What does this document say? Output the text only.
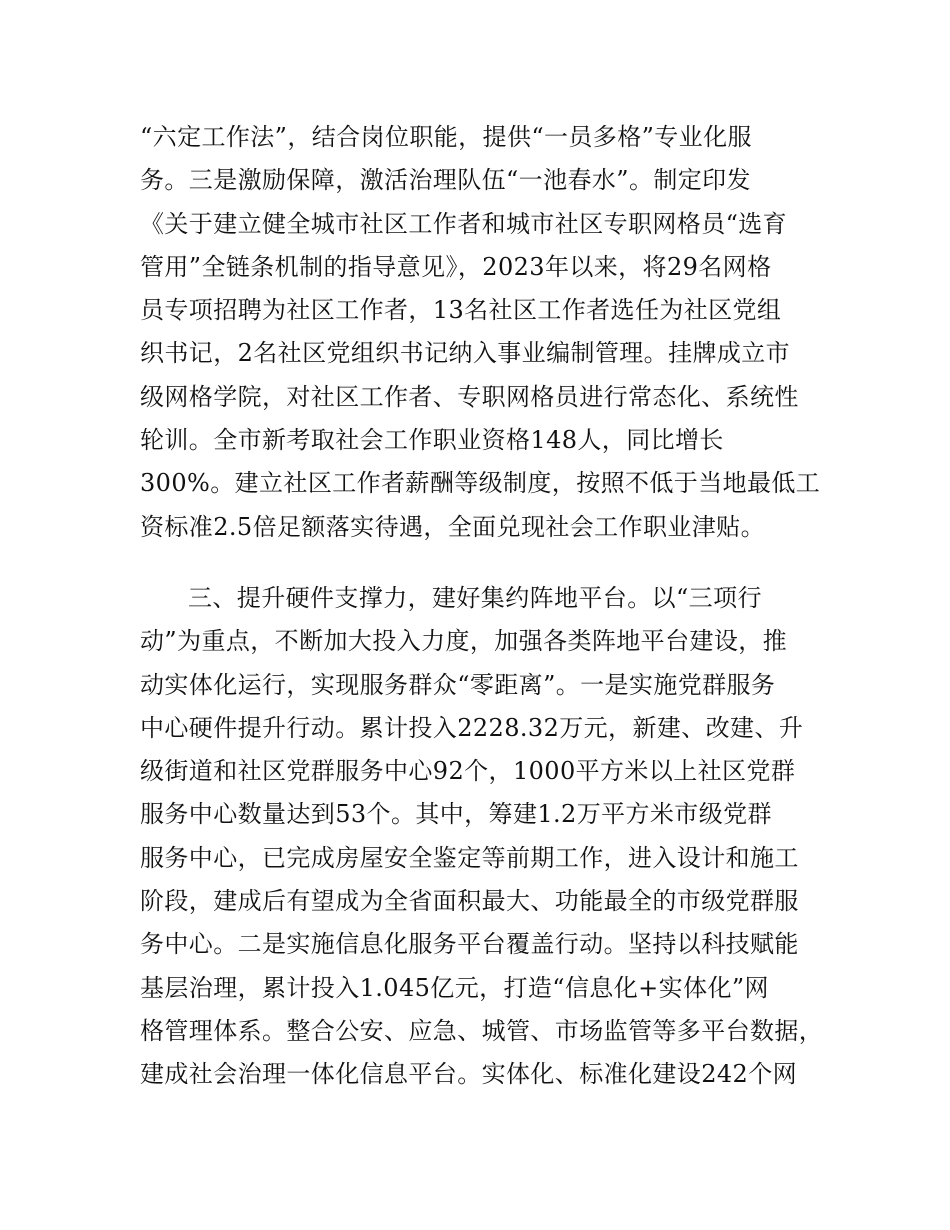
“六定工作法”，结合岗位职能，提供“一员多格”专业化服
务。三是激励保障，激活治理队伍“一池春水”。制定印发
《关于建立健全城市社区工作者和城市社区专职网格员“选育
管用”全链条机制的指导意见》，2023年以来，将29名网格
员专项招聘为社区工作者，13名社区工作者选任为社区党组
织书记，2名社区党组织书记纳入事业编制管理。挂牌成立市
级网格学院，对社区工作者、专职网格员进行常态化、系统性
轮训。全市新考取社会工作职业资格148人，同比增长
300%。建立社区工作者薪酬等级制度，按照不低于当地最低工
资标准2.5倍足额落实待遇，全面兑现社会工作职业津贴。
三、提升硬件支撑力，建好集约阵地平台。以“三项行
动”为重点，不断加大投入力度，加强各类阵地平台建设，推
动实体化运行，实现服务群众“零距离”。一是实施党群服务
中心硬件提升行动。累计投入2228.32万元，新建、改建、升
级街道和社区党群服务中心92个，1000平方米以上社区党群
服务中心数量达到53个。其中，筹建1.2万平方米市级党群
服务中心，已完成房屋安全鉴定等前期工作，进入设计和施工
阶段，建成后有望成为全省面积最大、功能最全的市级党群服
务中心。二是实施信息化服务平台覆盖行动。坚持以科技赋能
基层治理，累计投入1.045亿元，打造“信息化+实体化”网
格管理体系。整合公安、应急、城管、市场监管等多平台数据，
建成社会治理一体化信息平台。实体化、标准化建设242个网
